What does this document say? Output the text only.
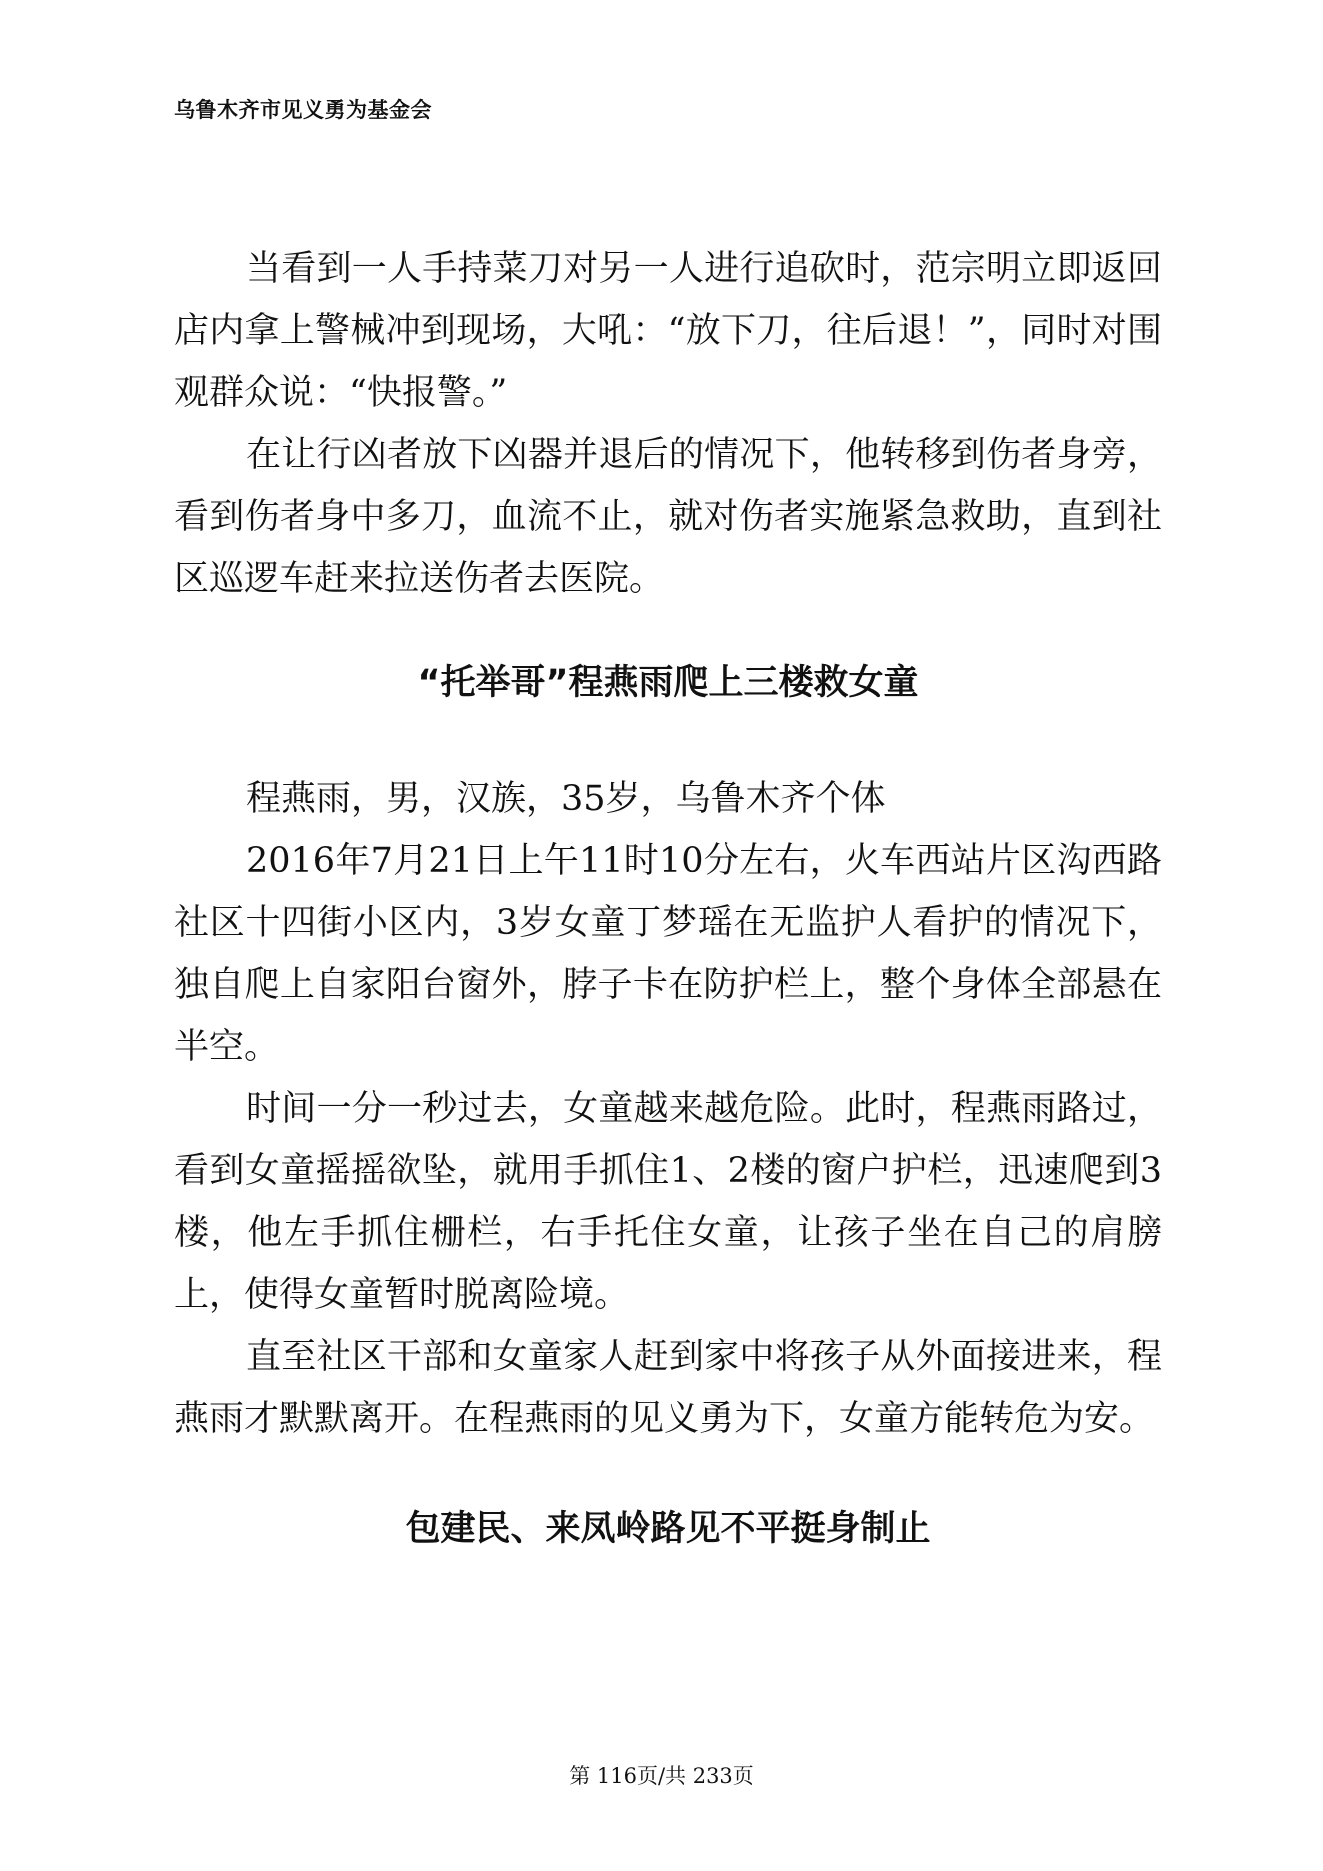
乌鲁木齐市见义勇为基金会

当看到一人手持菜刀对另一人进行追砍时，范宗明立即返回店内拿上警械冲到现场，大吼：“放下刀，往后退！”，同时对围观群众说：“快报警。”

在让行凶者放下凶器并退后的情况下，他转移到伤者身旁，看到伤者身中多刀，血流不止，就对伤者实施紧急救助，直到社区巡逻车赶来拉送伤者去医院。

“托举哥”程燕雨爬上三楼救女童

程燕雨，男，汉族，35岁，乌鲁木齐个体

2016年7月21日上午11时10分左右，火车西站片区沟西路社区十四街小区内，3岁女童丁梦瑶在无监护人看护的情况下，独自爬上自家阳台窗外，脖子卡在防护栏上，整个身体全部悬在半空。

时间一分一秒过去，女童越来越危险。此时，程燕雨路过，看到女童摇摇欲坠，就用手抓住1、2楼的窗户护栏，迅速爬到3楼，他左手抓住栅栏，右手托住女童，让孩子坐在自己的肩膀上，使得女童暂时脱离险境。

直至社区干部和女童家人赶到家中将孩子从外面接进来，程燕雨才默默离开。在程燕雨的见义勇为下，女童方能转危为安。

包建民、来凤岭路见不平挺身制止
第 116页/共 233页
